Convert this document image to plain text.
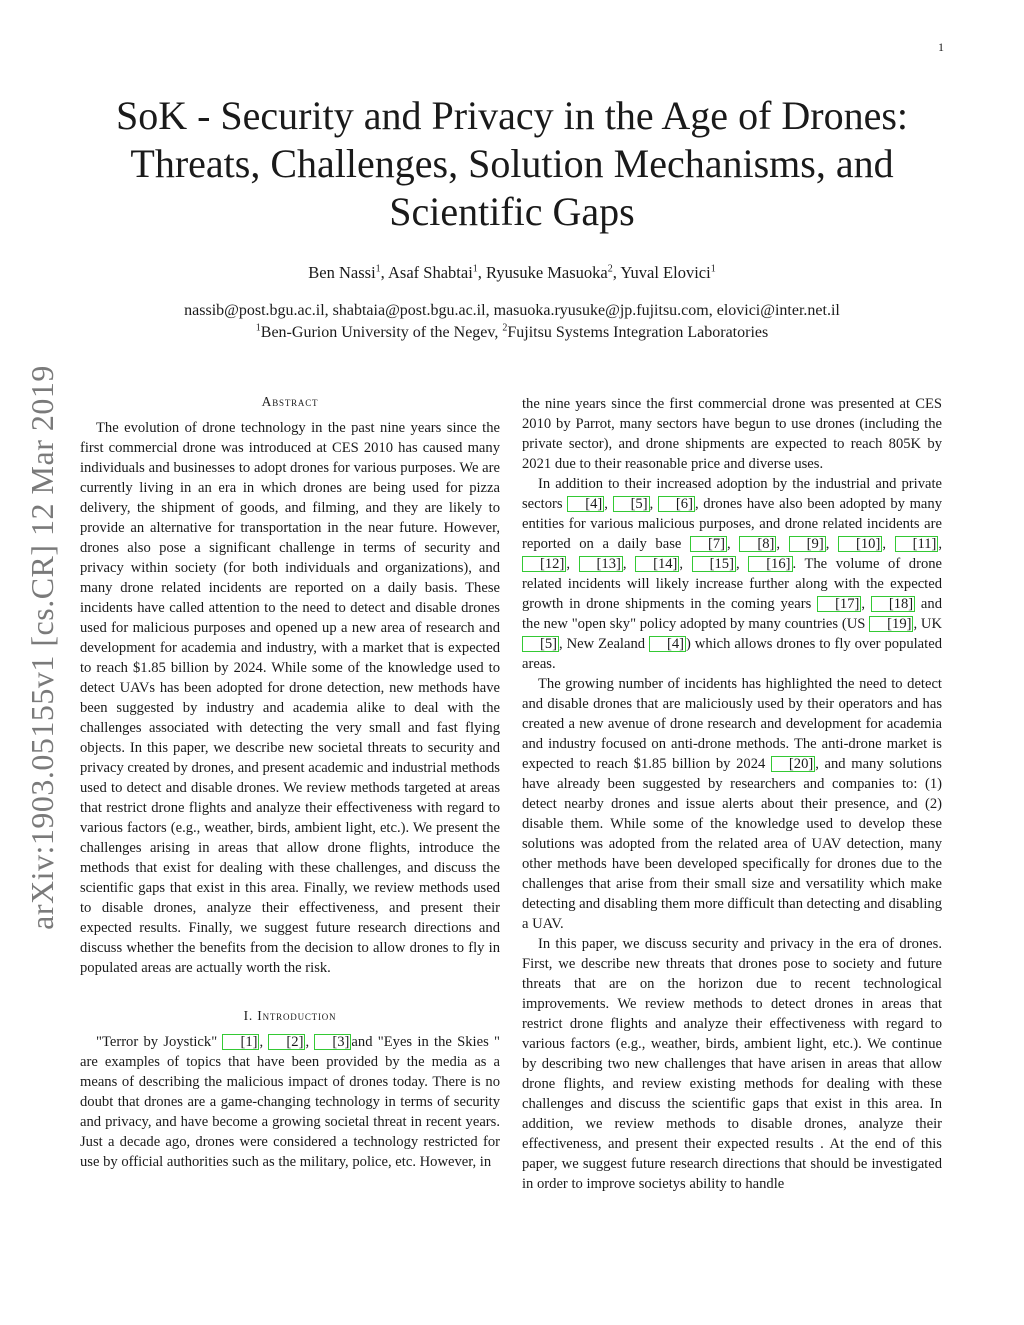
1
arXiv:1903.05155v1 [cs.CR] 12 Mar 2019
SoK - Security and Privacy in the Age of Drones:
Threats, Challenges, Solution Mechanisms, and
Scientific Gaps
Ben Nassi$^1$, Asaf Shabtai$^1$, Ryusuke Masuoka$^2$, Yuval Elovici$^1$
nassib@post.bgu.ac.il, shabtaia@post.bgu.ac.il, masuoka.ryusuke@jp.fujitsu.com, elovici@inter.net.il
$^1$Ben-Gurion University of the Negev, $^2$Fujitsu Systems Integration Laboratories
Abstract

The evolution of drone technology in the past nine years since the first commercial drone was introduced at CES 2010 has caused many individuals and businesses to adopt drones for various purposes. We are currently living in an era in which drones are being used for pizza delivery, the shipment of goods, and filming, and they are likely to provide an alternative for transportation in the near future. However, drones also pose a significant challenge in terms of security and privacy within society (for both individuals and organizations), and many drone related incidents are reported on a daily basis. These incidents have called attention to the need to detect and disable drones used for malicious purposes and opened up a new area of research and development for academia and industry, with a market that is expected to reach $1.85 billion by 2024. While some of the knowledge used to detect UAVs has been adopted for drone detection, new methods have been suggested by industry and academia alike to deal with the challenges associated with detecting the very small and fast flying objects. In this paper, we describe new societal threats to security and privacy created by drones, and present academic and industrial methods used to detect and disable drones. We review methods targeted at areas that restrict drone flights and analyze their effectiveness with regard to various factors (e.g., weather, birds, ambient light, etc.). We present the challenges arising in areas that allow drone flights, introduce the methods that exist for dealing with these challenges, and discuss the scientific gaps that exist in this area. Finally, we review methods used to disable drones, analyze their effectiveness, and present their expected results. Finally, we suggest future research directions and discuss whether the benefits from the decision to allow drones to fly in populated areas are actually worth the risk.

I. Introduction

"Terror by Joystick" [1] , [2] , [3] and "Eyes in the Skies " are examples of topics that have been provided by the media as a means of describing the malicious impact of drones today. There is no doubt that drones are a game-changing technology in terms of security and privacy, and have become a growing societal threat in recent years. Just a decade ago, drones were considered a technology restricted for use by official authorities such as the military, police, etc. However, in

the nine years since the first commercial drone was presented at CES 2010 by Parrot, many sectors have begun to use drones (including the private sector), and drone shipments are expected to reach 805K by 2021 due to their reasonable price and diverse uses.

In addition to their increased adoption by the industrial and private sectors [4] , [5] , [6] , drones have also been adopted by many entities for various malicious purposes, and drone related incidents are reported on a daily base [7] , [8] , [9] , [10] , [11] , [12] , [13] , [14] , [15] , [16] . The volume of drone related incidents will likely increase further along with the expected growth in drone shipments in the coming years [17] , [18] and the new "open sky" policy adopted by many countries (US [19] , UK [5] , New Zealand [4] ) which allows drones to fly over populated areas.

The growing number of incidents has highlighted the need to detect and disable drones that are maliciously used by their operators and has created a new avenue of drone research and development for academia and industry focused on anti-drone methods. The anti-drone market is expected to reach $1.85 billion by 2024 [20] , and many solutions have already been suggested by researchers and companies to: (1) detect nearby drones and issue alerts about their presence, and (2) disable them. While some of the knowledge used to develop these solutions was adopted from the related area of UAV detection, many other methods have been developed specifically for drones due to the challenges that arise from their small size and versatility which make detecting and disabling them more difficult than detecting and disabling a UAV.

In this paper, we discuss security and privacy in the era of drones. First, we describe new threats that drones pose to society and future threats that are on the horizon due to recent technological improvements. We review methods to detect drones in areas that restrict drone flights and analyze their effectiveness with regard to various factors (e.g., weather, birds, ambient light, etc.). We continue by describing two new challenges that have arisen in areas that allow drone flights, and review existing methods for dealing with these challenges and discuss the scientific gaps that exist in this area. In addition, we review methods to disable drones, analyze their effectiveness, and present their expected results . At the end of this paper, we suggest future research directions that should be investigated in order to improve societys ability to handle
